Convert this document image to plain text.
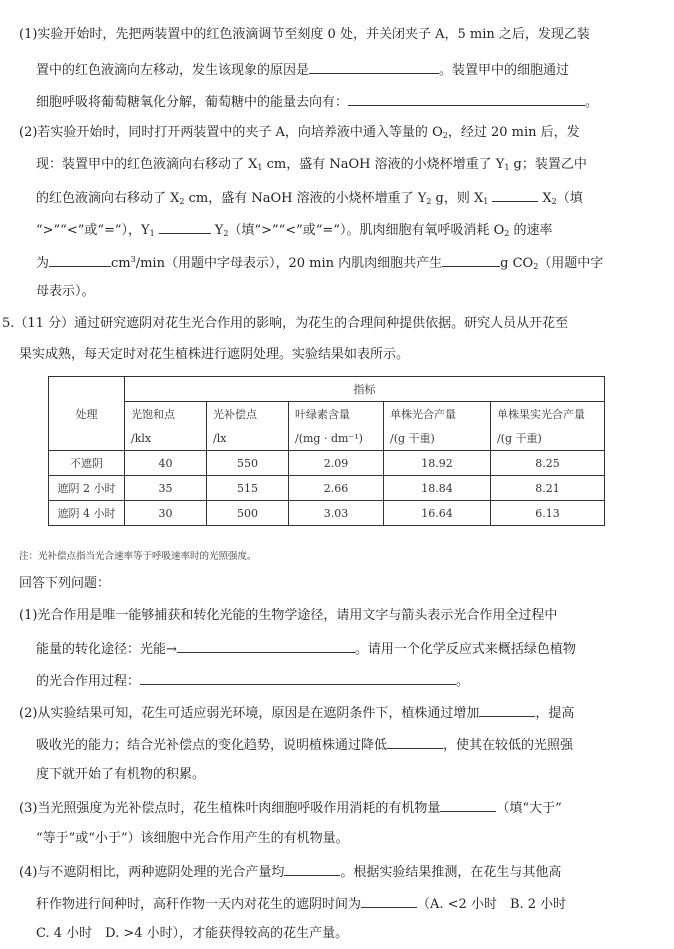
(1)实验开始时，先把两装置中的红色液滴调节至刻度 0 处，并关闭夹子 A，5 min 之后，发现乙装
置中的红色液滴向左移动，发生该现象的原因是	。装置甲中的细胞通过
细胞呼吸将葡萄糖氧化分解，葡萄糖中的能量去向有：	。
(2)若实验开始时，同时打开两装置中的夹子 A，向培养液中通入等量的 $O_2$，经过 20 min 后，发
现：装置甲中的红色液滴向右移动了 $X_1$ cm，盛有 NaOH 溶液的小烧杯增重了 $Y_1$ g；装置乙中
的红色液滴向右移动了 $X_2$ cm，盛有 NaOH 溶液的小烧杯增重了 $Y_2$ g，则 $X_1$	$X_2$（填
“>”“<”或“=”），$Y_1$	$Y_2$（填“>”“<”或“=”）。肌肉细胞有氧呼吸消耗 $O_2$ 的速率
为	$cm^3/\min$（用题中字母表示），20 min 内肌肉细胞共产生	g $CO_2$（用题中字
母表示）。
5.（11 分）通过研究遮阴对花生光合作用的影响，为花生的合理间种提供依据。研究人员从开花至
果实成熟，每天定时对花生植株进行遮阴处理。实验结果如表所示。
处理	指标				
	光饱和点	光补偿点	叶绿素含量	单株光合产量	单株果实光合产量
	/klx	/lx	/(mg · dm⁻¹)	/(g 干重)	/(g 干重)
不遮阴	40	550	2.09	18.92	8.25
遮阴 2 小时	35	515	2.66	18.84	8.21
遮阴 4 小时	30	500	3.03	16.64	6.13
注：光补偿点指当光合速率等于呼吸速率时的光照强度。
回答下列问题：
(1)光合作用是唯一能够捕获和转化光能的生物学途径，请用文字与箭头表示光合作用全过程中
能量的转化途径：光能→	。请用一个化学反应式来概括绿色植物
的光合作用过程：	。
(2)从实验结果可知，花生可适应弱光环境，原因是在遮阴条件下，植株通过增加	，提高
吸收光的能力；结合光补偿点的变化趋势，说明植株通过降低	，使其在较低的光照强
度下就开始了有机物的积累。
(3)当光照强度为光补偿点时，花生植株叶肉细胞呼吸作用消耗的有机物量	（填“大于”
“等于”或“小于”）该细胞中光合作用产生的有机物量。
(4)与不遮阴相比，两种遮阴处理的光合产量均	。根据实验结果推测，在花生与其他高
秆作物进行间种时，高秆作物一天内对花生的遮阴时间为	（A. <2 小时　B. 2 小时
C. 4 小时　D. >4 小时），才能获得较高的花生产量。
